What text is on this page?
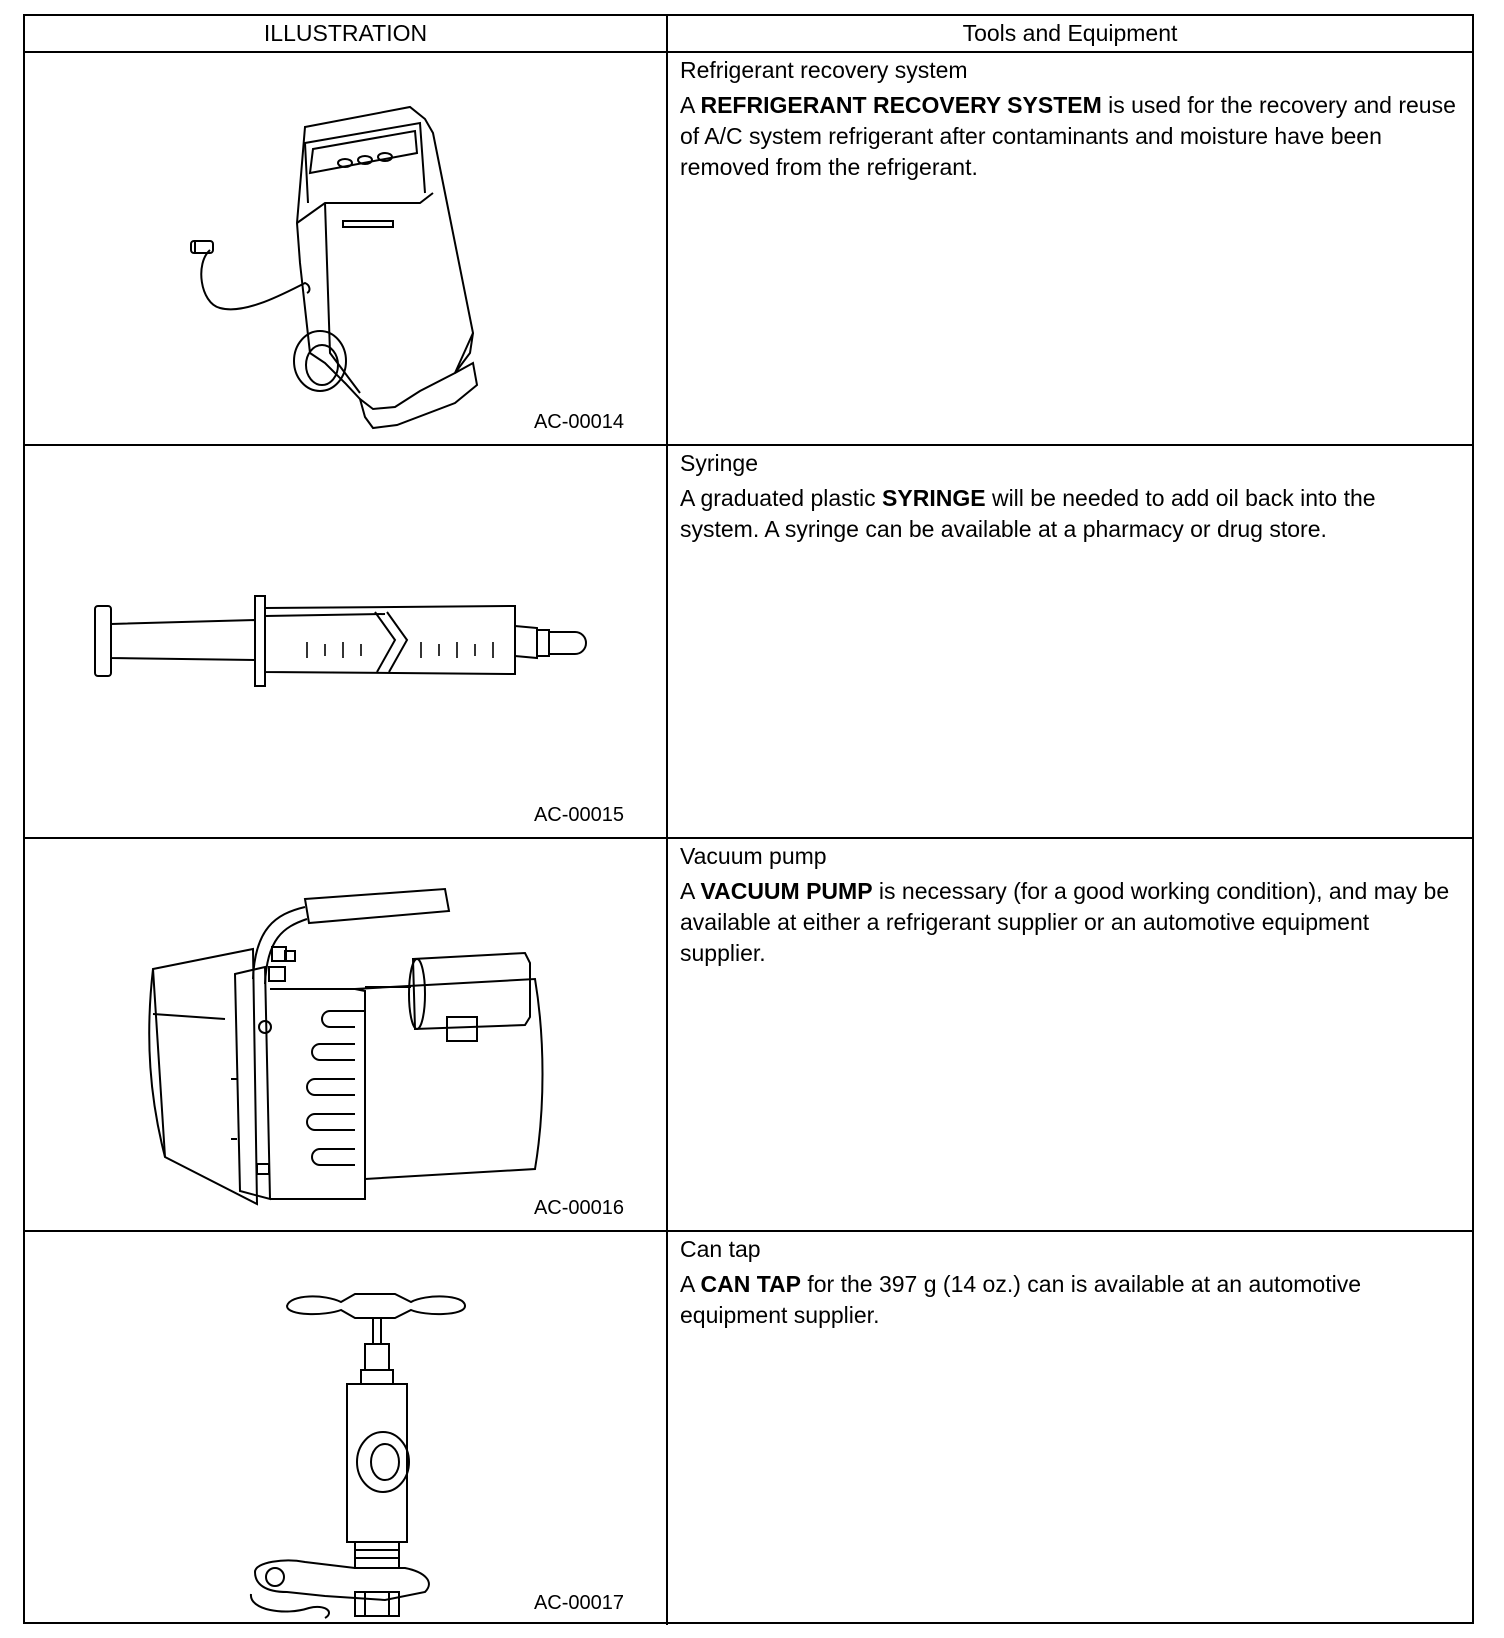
ILLUSTRATION	Tools and Equipment
AC-00014
Refrigerant recovery system
A REFRIGERANT RECOVERY SYSTEM is used for the recovery and reuse of A/C system refrigerant after contaminants and moisture have been removed from the refrigerant.
AC-00015
Syringe
A graduated plastic SYRINGE will be needed to add oil back into the system. A syringe can be available at a pharmacy or drug store.
AC-00016
Vacuum pump
A VACUUM PUMP is necessary (for a good working condition), and may be available at either a refrigerant supplier or an automotive equipment supplier.
AC-00017
Can tap
A CAN TAP for the 397 g (14 oz.) can is available at an automotive equipment supplier.
